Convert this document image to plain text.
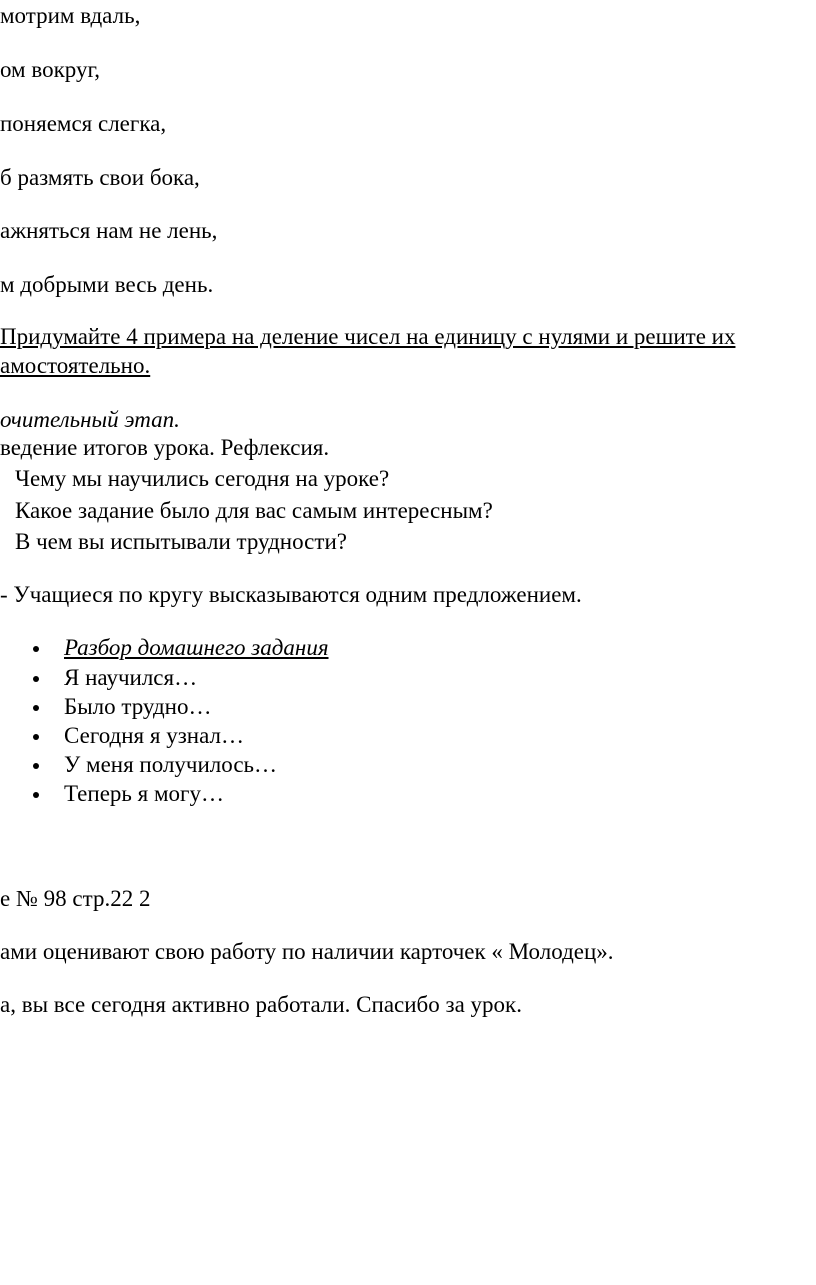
мотрим вдаль,

ом вокруг,

поняемся слегка,

б размять свои бока,

ажняться нам не лень,

м добрыми весь день.

Придумайте 4 примера на деление чисел на единицу с нулями и решите их

амостоятельно.

очительный этап.

ведение итогов урока. Рефлексия.

Чему мы научились сегодня на уроке?

Какое задание было для вас самым интересным?

В чем вы испытывали трудности?

- Учащиеся по кругу высказываются одним предложением.

Разбор домашнего задания

Я научился…

Было трудно…

Сегодня я узнал…

У меня получилось…

Теперь я могу…

е № 98 стр.22 2

ами оценивают свою работу по наличии карточек « Молодец».

а, вы все сегодня активно работали. Спасибо за урок.
